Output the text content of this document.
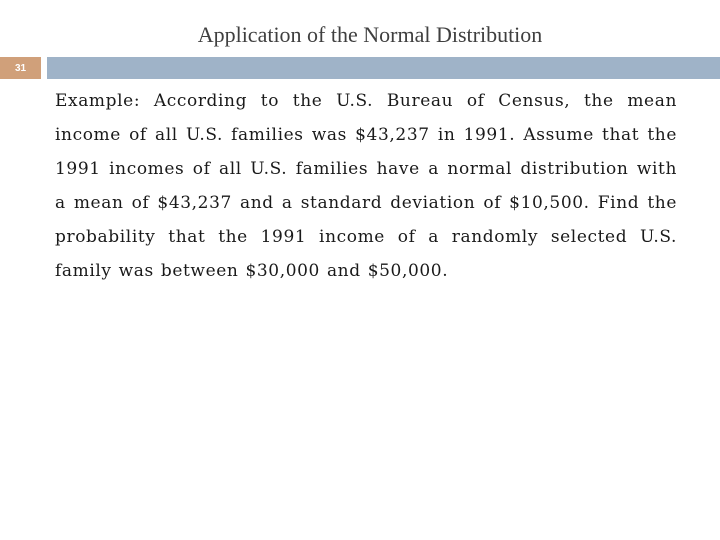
Application of the Normal Distribution
31
Example: According to the U.S. Bureau of Census, the mean income of all U.S. families was $43,237 in 1991. Assume that the 1991 incomes of all U.S. families have a normal distribution with a mean of $43,237 and a standard deviation of $10,500. Find the probability that the 1991 income of a randomly selected U.S. family was between $30,000 and $50,000.
